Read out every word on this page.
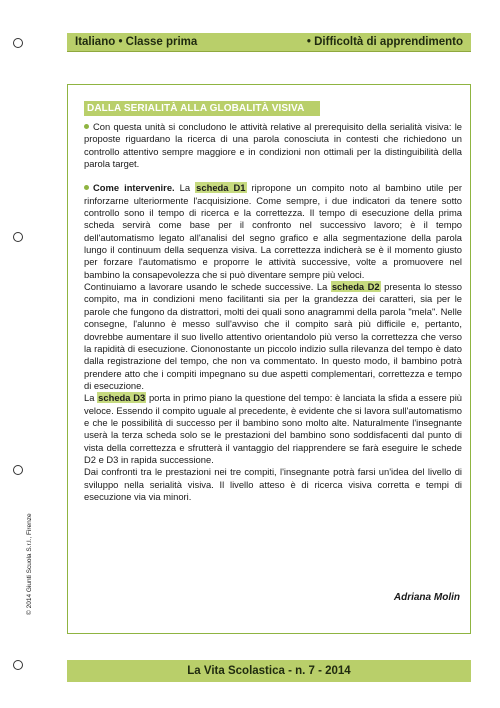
Italiano • Classe prima	• Difficoltà di apprendimento
DALLA SERIALITÀ ALLA GLOBALITÀ VISIVA

Con questa unità si concludono le attività relative al prerequisito della serialità visiva: le proposte riguardano la ricerca di una parola conosciuta in contesti che richiedono un controllo attentivo sempre maggiore e in condizioni non ottimali per la distinguibilità della parola target.

Come intervenire. La scheda D1 ripropone un compito noto al bambino utile per rinforzarne ulteriormente l'acquisizione. Come sempre, i due indicatori da tenere sotto controllo sono il tempo di ricerca e la correttezza. Il tempo di esecuzione della prima scheda servirà come base per il confronto nel successivo lavoro; è il tempo dell'automatismo legato all'analisi del segno grafico e alla segmentazione della parola lungo il continuum della sequenza visiva. La correttezza indicherà se è il momento giusto per forzare l'automatismo e proporre le attività successive, volte a promuovere nel bambino la consapevolezza che si può diventare sempre più veloci.

Continuiamo a lavorare usando le schede successive. La scheda D2 presenta lo stesso compito, ma in condizioni meno facilitanti sia per la grandezza dei caratteri, sia per le parole che fungono da distrattori, molti dei quali sono anagrammi della parola "mela". Nelle consegne, l'alunno è messo sull'avviso che il compito sarà più difficile e, pertanto, dovrebbe aumentare il suo livello attentivo orientandolo più verso la correttezza che verso la rapidità di esecuzione. Ciononostante un piccolo indizio sulla rilevanza del tempo è dato dalla registrazione del tempo, che non va commentato. In questo modo, il bambino potrà prendere atto che i compiti impegnano su due aspetti complementari, correttezza e tempo di esecuzione.

La scheda D3 porta in primo piano la questione del tempo: è lanciata la sfida a essere più veloce. Essendo il compito uguale al precedente, è evidente che si lavora sull'automatismo e che le possibilità di successo per il bambino sono molto alte. Naturalmente l'insegnante userà la terza scheda solo se le prestazioni del bambino sono soddisfacenti dal punto di vista della correttezza e sfrutterà il vantaggio del riapprendere se farà eseguire le schede D2 e D3 in rapida successione.

Dai confronti tra le prestazioni nei tre compiti, l'insegnante potrà farsi un'idea del livello di sviluppo nella serialità visiva. Il livello atteso è di ricerca visiva corretta e tempi di esecuzione via via minori.

Adriana Molin
© 2014 Giunti Scuola S.r.l., Firenze
La Vita Scolastica - n. 7 - 2014
